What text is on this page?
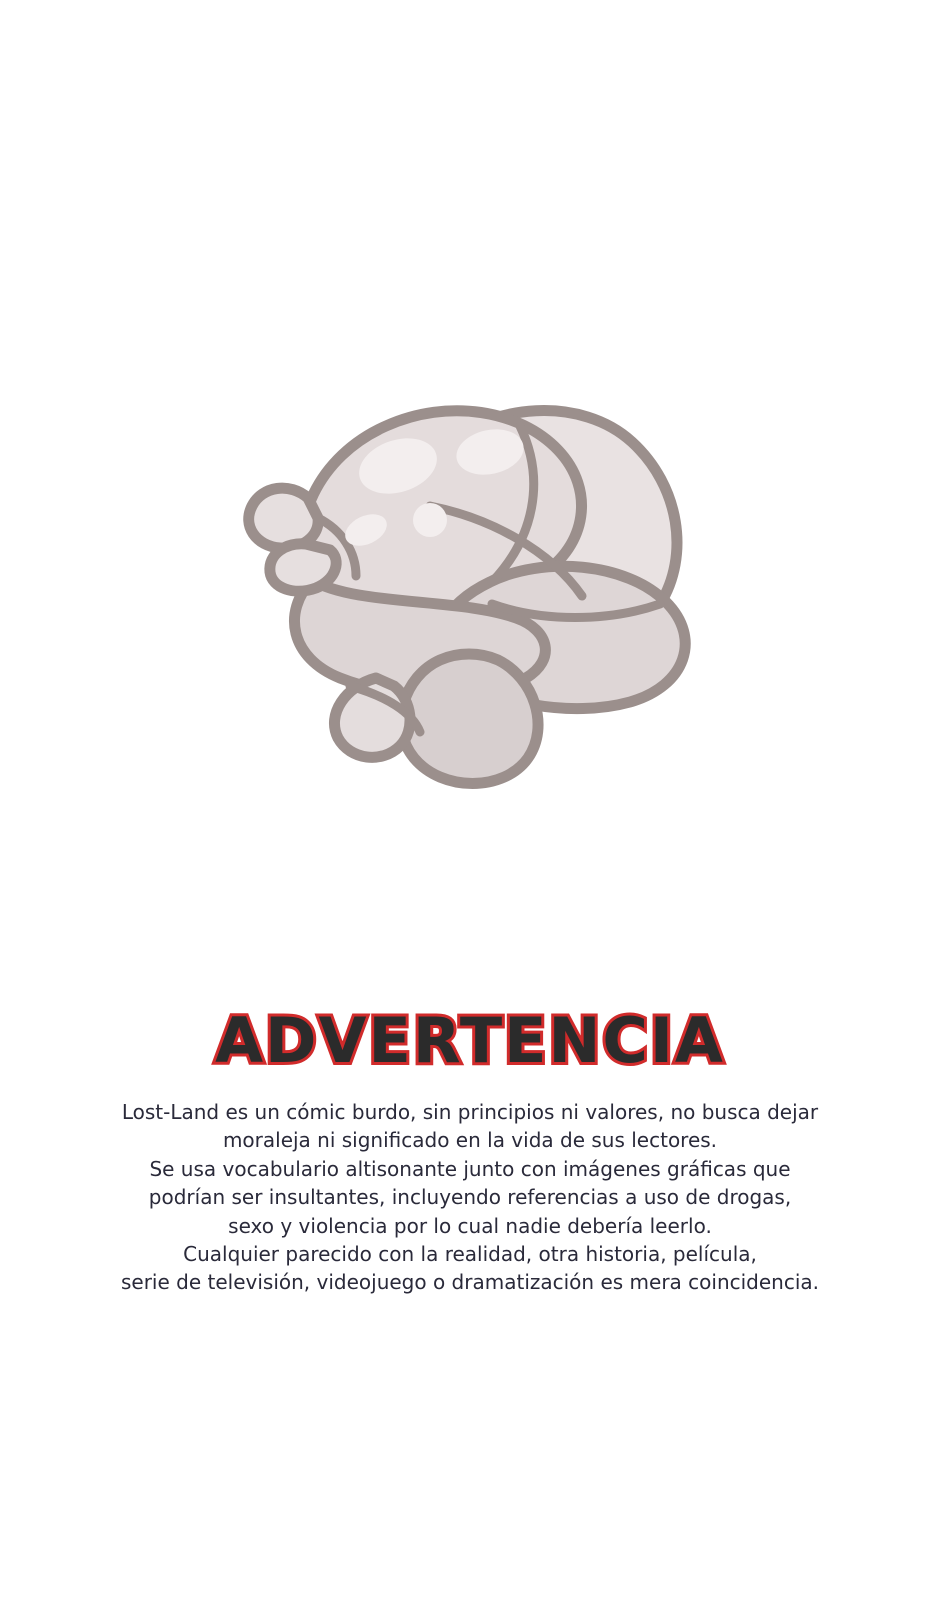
ADVERTENCIA

Lost-Land es un cómic burdo, sin principios ni valores, no busca dejar

moraleja ni significado en la vida de sus lectores.

Se usa vocabulario altisonante junto con imágenes gráficas que

podrían ser insultantes, incluyendo referencias a uso de drogas,

sexo y violencia por lo cual nadie debería leerlo.

Cualquier parecido con la realidad, otra historia, película,

serie de televisión, videojuego o dramatización es mera coincidencia.
